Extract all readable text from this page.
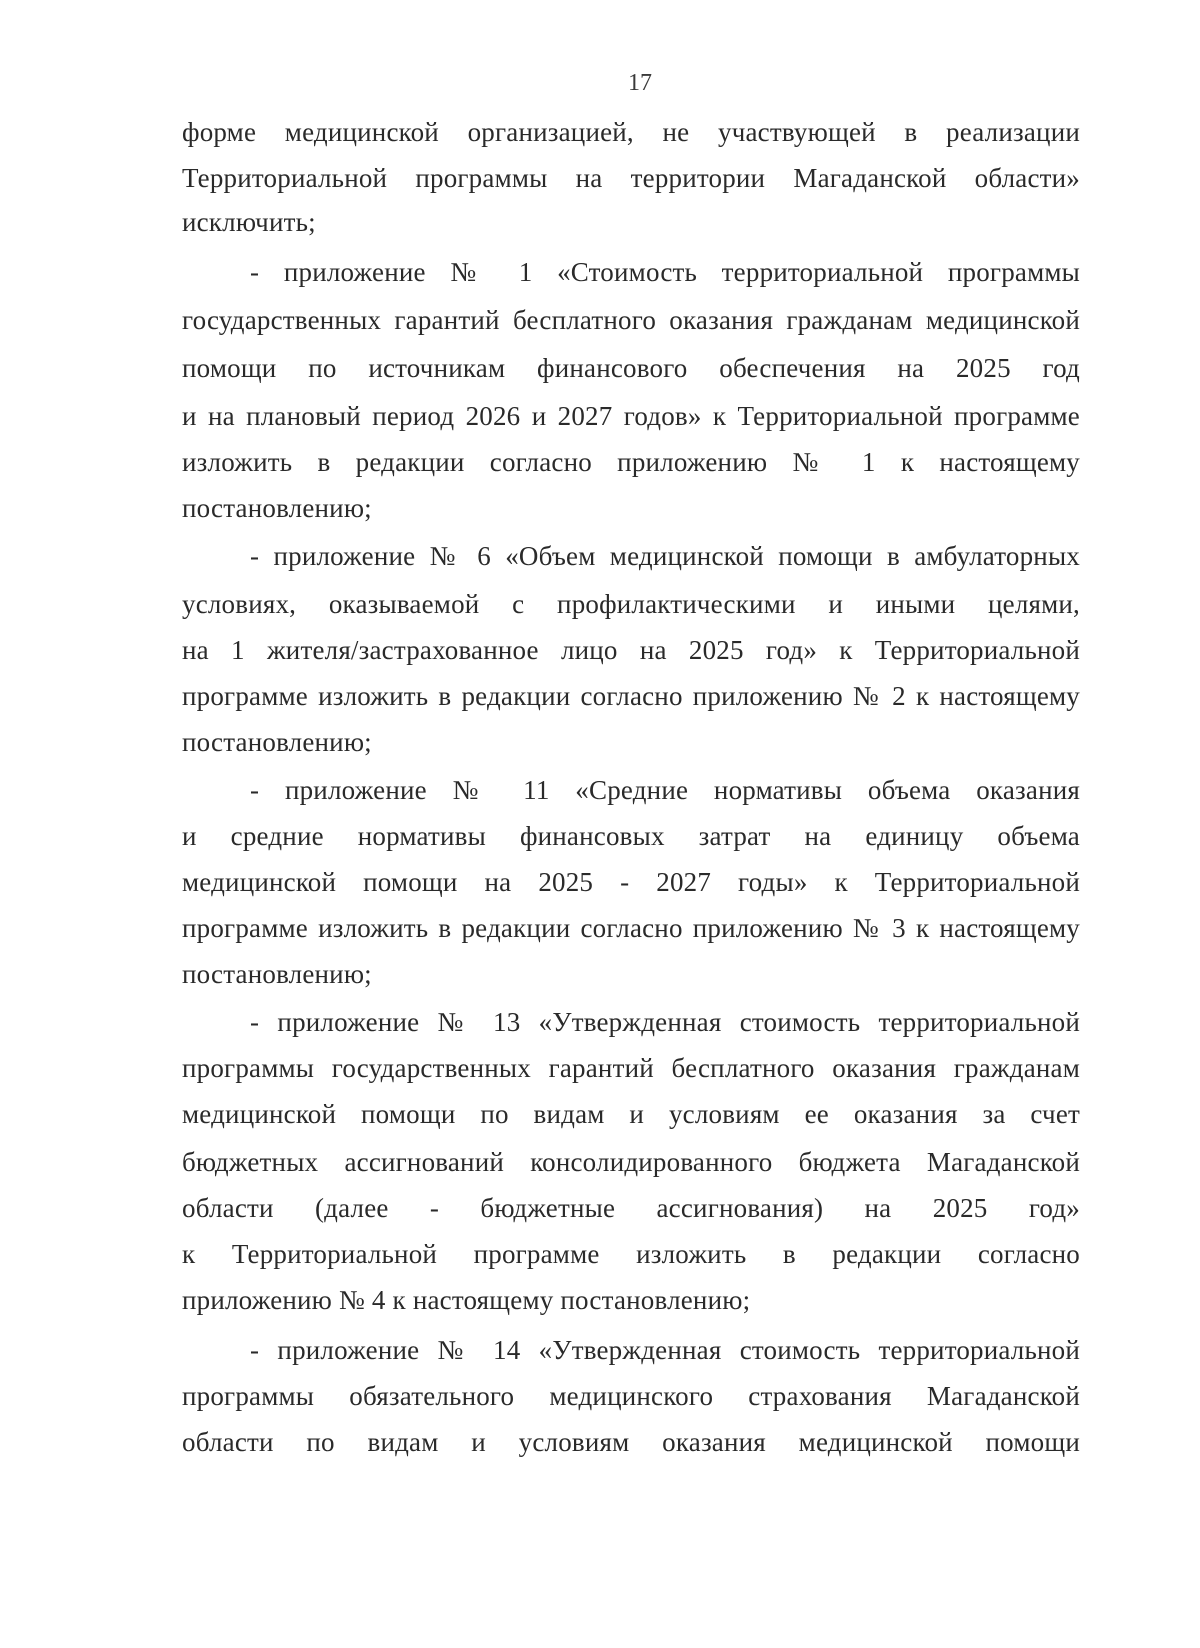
17
форме медицинской организацией, не участвующей в реализации
Территориальной программы на территории Магаданской области»
исключить;
- приложение № 1 «Стоимость территориальной программы
государственных гарантий бесплатного оказания гражданам медицинской
помощи по источникам финансового обеспечения на 2025 год
и на плановый период 2026 и 2027 годов» к Территориальной программе
изложить в редакции согласно приложению № 1 к настоящему
постановлению;
- приложение № 6 «Объем медицинской помощи в амбулаторных
условиях, оказываемой с профилактическими и иными целями,
на 1 жителя/застрахованное лицо на 2025 год» к Территориальной
программе изложить в редакции согласно приложению № 2 к настоящему
постановлению;
- приложение № 11 «Средние нормативы объема оказания
и средние нормативы финансовых затрат на единицу объема
медицинской помощи на 2025 - 2027 годы» к Территориальной
программе изложить в редакции согласно приложению № 3 к настоящему
постановлению;
- приложение № 13 «Утвержденная стоимость территориальной
программы государственных гарантий бесплатного оказания гражданам
медицинской помощи по видам и условиям ее оказания за счет
бюджетных ассигнований консолидированного бюджета Магаданской
области (далее - бюджетные ассигнования) на 2025 год»
к Территориальной программе изложить в редакции согласно
приложению № 4 к настоящему постановлению;
- приложение № 14 «Утвержденная стоимость территориальной
программы обязательного медицинского страхования Магаданской
области по видам и условиям оказания медицинской помощи
